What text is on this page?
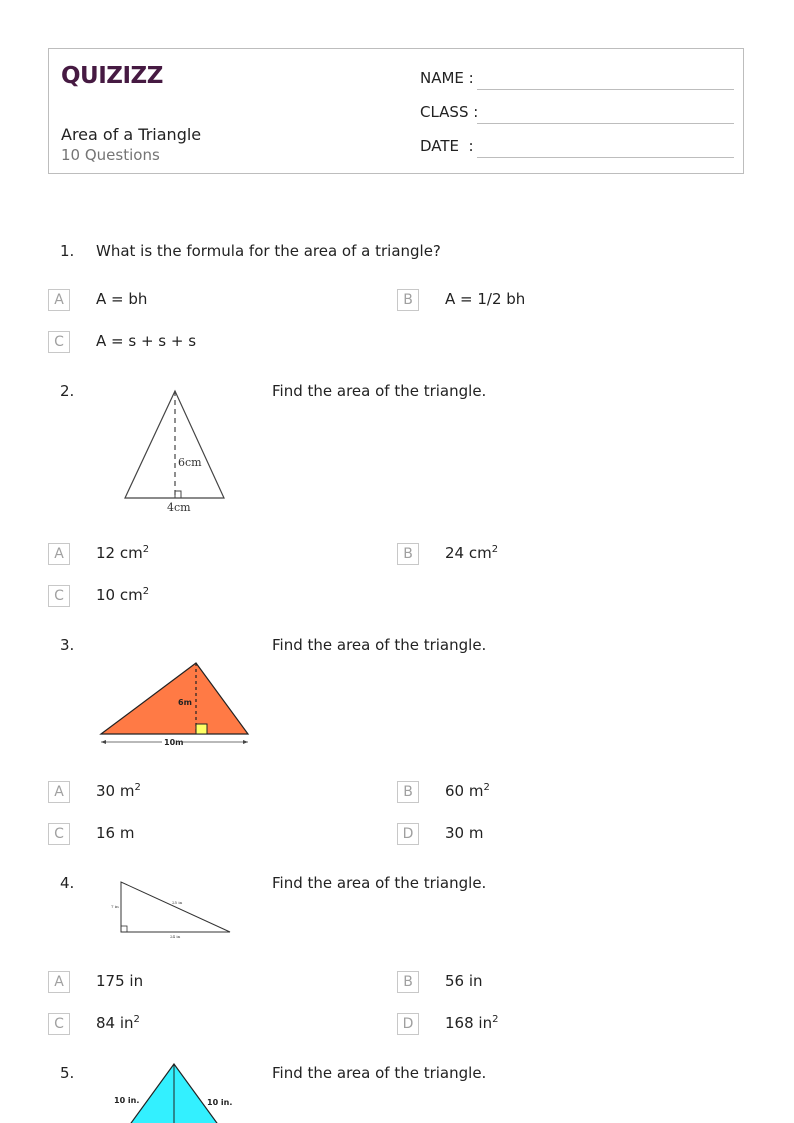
QUIZIZZ
Area of a Triangle
10 Questions
NAME :
CLASS :
DATE  :
1. What is the formula for the area of a triangle?
A	A = bh	B	A = 1/2 bh
C	A = s + s + s
2.
6cm
4cm
Find the area of the triangle.
A	12 $cm^2$	B	24 $cm^2$
C	10 $cm^2$
3.
6m
10m
Find the area of the triangle.
A	30 $m^2$	B	60 $m^2$
C	16 m	D	30 m
4.
7 in
25 in
24 in
Find the area of the triangle.
A	175 in	B	56 in
C	84 $in^2$	D	168 $in^2$
5.
10 in.	10 in.
Find the area of the triangle.
